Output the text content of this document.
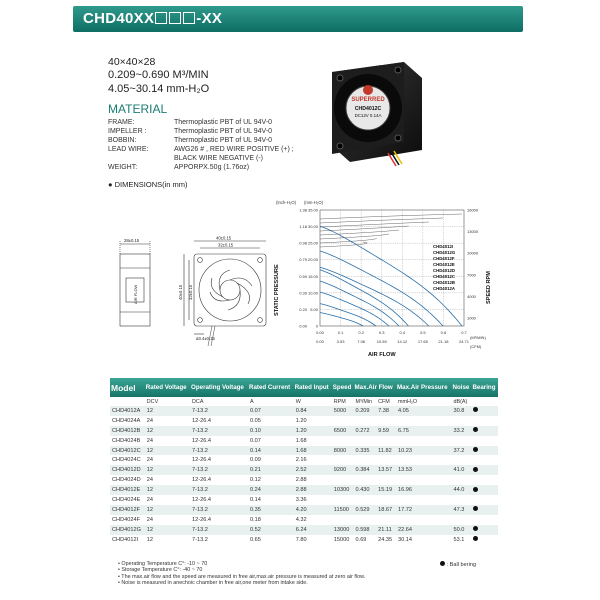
CHD40XX	-XX
40×40×28
0.209~0.690 M³/MIN
4.05~30.14 mm-H₂O
MATERIAL
FRAME:	Thermoplastic PBT of UL 94V-0
IMPELLER :	Thermoplastic PBT of UL 94V-0
BOBBIN:	Thermoplastic PBT of UL 94V-0
LEAD WIRE:	AWG26 # , RED WIRE POSITIVE (+) ;
BLACK WIRE NEGATIVE (-)
WEIGHT:	APPORPX.50g (1.76oz)
● DIMENSIONS(in mm)
SUPERRED
CHD4012C
DC12V 0.14A
28±0.15	40±0.15
32±0.15
ø3.4±0.15
40±0.15 32±0.15
AIR FLOW
1.38
1.18
0.98
0.79
0.59
0.39
0.20
0.00
35.00
30.00
25.00
20.00
15.00
10.00
5.00
0
16000
13000
10000
7000
4000
1000
0.00
0.00
0.1
3.53
0.2
7.06
0.3
10.59
0.4
14.12
0.5
17.65
0.6
21.18
0.7
24.71
CHD4012I
CHD4012G
CHD4012F
CHD4012E
CHD4012D
CHD4012C
CHD4012B
CHD4012A
(Inch-H₂O) (mm-H₂O)
STATIC PRESSURE	SPEED RPM
AIR FLOW
(M³/MIN)
(CFM)
Model	Rated Voltage	Operating Voltage	Rated Current	Rated Input	Speed	Max.Air Flow		Max.Air Pressure	Noise	Bearing
	DCV	DCA	A	W	RPM	M³/Min	CFM	mmH₂O	dB(A)	
CHD4012A	12	7-13.2	0.07	0.84	5000	0.209	7.38	4.05	30.8	
CHD4024A	24	12-26.4	0.05	1.20						
CHD4012B	12	7-13.2	0.10	1.20	6500	0.272	9.59	6.75	33.2	
CHD4024B	24	12-26.4	0.07	1.68						
CHD4012C	12	7-13.2	0.14	1.68	8000	0.335	11.82	10.23	37.2	
CHD4024C	24	12-26.4	0.09	2.16						
CHD4012D	12	7-13.2	0.21	2.52	9200	0.384	13.57	13.53	41.0	
CHD4024D	24	12-26.4	0.12	2.88						
CHD4012E	12	7-13.2	0.24	2.88	10300	0.430	15.19	16.96	44.0	
CHD4024E	24	12-26.4	0.14	3.36						
CHD4012F	12	7-13.2	0.35	4.20	11500	0.529	18.67	17.72	47.3	
CHD4024F	24	12-26.4	0.18	4.32						
CHD4012G	12	7-13.2	0.52	6.24	13000	0.598	21.11	22.64	50.0	
CHD4012I	12	7-13.2	0.65	7.80	15000	0.69	24.35	30.14	53.1	
• Operating Temperature C°: -10 ~ 70
• Storage Temperature C°: -40 ~ 70
• The max.air flow and the speed are measured in free air,max.air pressure is measured at zero air flow.
• Noise is measured in anechoic chamber in free air,one meter from intake side.
: Ball bering
